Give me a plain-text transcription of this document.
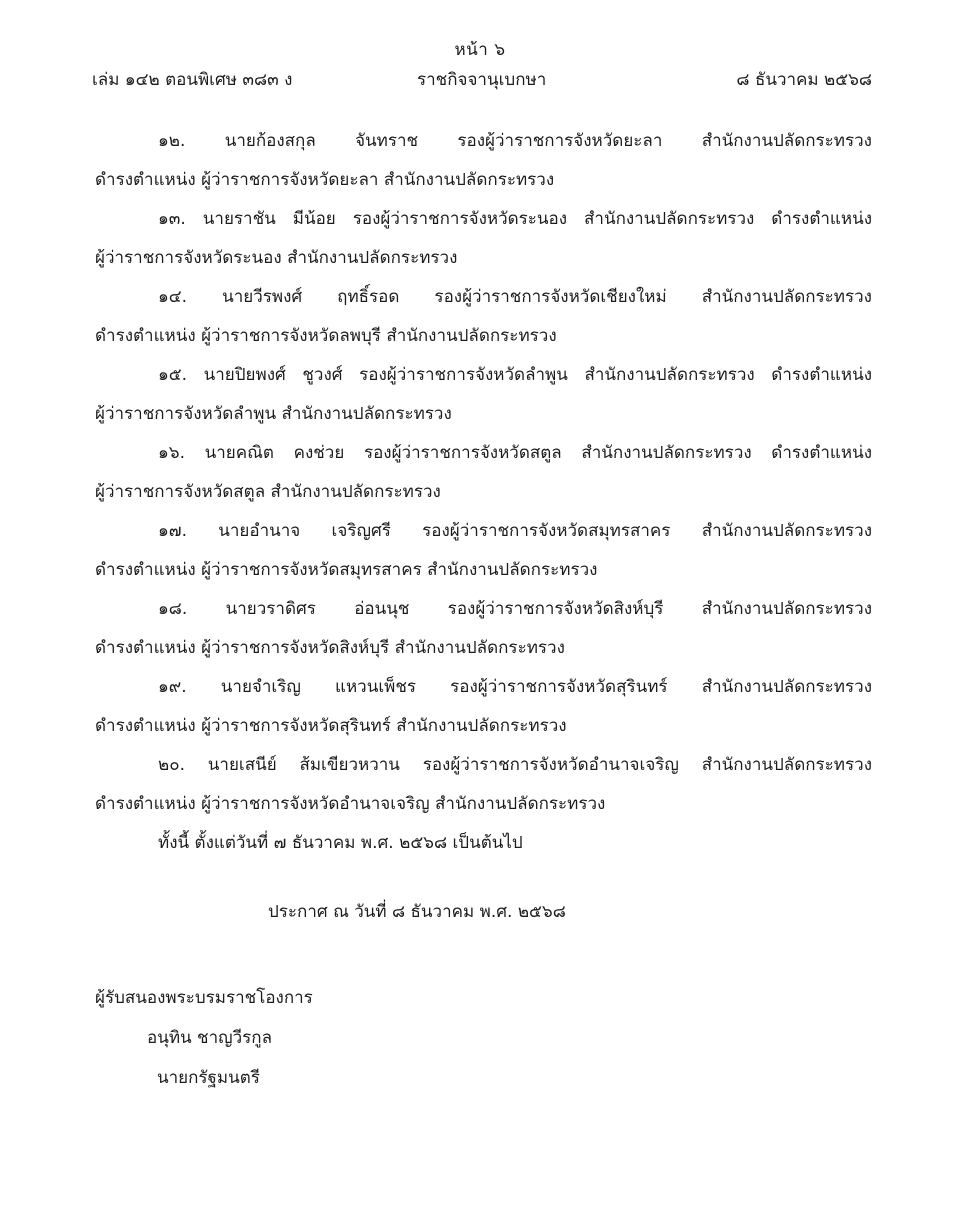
หน้า ๖
เล่ม ๑๔๒ ตอนพิเศษ ๓๘๓ ง	ราชกิจจานุเบกษา	๘ ธันวาคม ๒๕๖๘

๑๒. นายก้องสกุล จันทราช รองผู้ว่าราชการจังหวัดยะลา สำนักงานปลัดกระทรวง
ดำรงตำแหน่ง ผู้ว่าราชการจังหวัดยะลา สำนักงานปลัดกระทรวง

๑๓. นายราชัน มีน้อย รองผู้ว่าราชการจังหวัดระนอง สำนักงานปลัดกระทรวง ดำรงตำแหน่ง
ผู้ว่าราชการจังหวัดระนอง สำนักงานปลัดกระทรวง

๑๔. นายวีรพงศ์ ฤทธิ์รอด รองผู้ว่าราชการจังหวัดเชียงใหม่ สำนักงานปลัดกระทรวง
ดำรงตำแหน่ง ผู้ว่าราชการจังหวัดลพบุรี สำนักงานปลัดกระทรวง

๑๕. นายปิยพงศ์ ชูวงศ์ รองผู้ว่าราชการจังหวัดลำพูน สำนักงานปลัดกระทรวง ดำรงตำแหน่ง
ผู้ว่าราชการจังหวัดลำพูน สำนักงานปลัดกระทรวง

๑๖. นายคณิต คงช่วย รองผู้ว่าราชการจังหวัดสตูล สำนักงานปลัดกระทรวง ดำรงตำแหน่ง
ผู้ว่าราชการจังหวัดสตูล สำนักงานปลัดกระทรวง

๑๗. นายอำนาจ เจริญศรี รองผู้ว่าราชการจังหวัดสมุทรสาคร สำนักงานปลัดกระทรวง
ดำรงตำแหน่ง ผู้ว่าราชการจังหวัดสมุทรสาคร สำนักงานปลัดกระทรวง

๑๘. นายวราดิศร อ่อนนุช รองผู้ว่าราชการจังหวัดสิงห์บุรี สำนักงานปลัดกระทรวง
ดำรงตำแหน่ง ผู้ว่าราชการจังหวัดสิงห์บุรี สำนักงานปลัดกระทรวง

๑๙. นายจำเริญ แหวนเพ็ชร รองผู้ว่าราชการจังหวัดสุรินทร์ สำนักงานปลัดกระทรวง
ดำรงตำแหน่ง ผู้ว่าราชการจังหวัดสุรินทร์ สำนักงานปลัดกระทรวง

๒๐. นายเสนีย์ ส้มเขียวหวาน รองผู้ว่าราชการจังหวัดอำนาจเจริญ สำนักงานปลัดกระทรวง
ดำรงตำแหน่ง ผู้ว่าราชการจังหวัดอำนาจเจริญ สำนักงานปลัดกระทรวง

ทั้งนี้ ตั้งแต่วันที่ ๗ ธันวาคม พ.ศ. ๒๕๖๘ เป็นต้นไป
ประกาศ ณ วันที่ ๘ ธันวาคม พ.ศ. ๒๕๖๘
ผู้รับสนองพระบรมราชโองการ
อนุทิน ชาญวีรกูล
นายกรัฐมนตรี
